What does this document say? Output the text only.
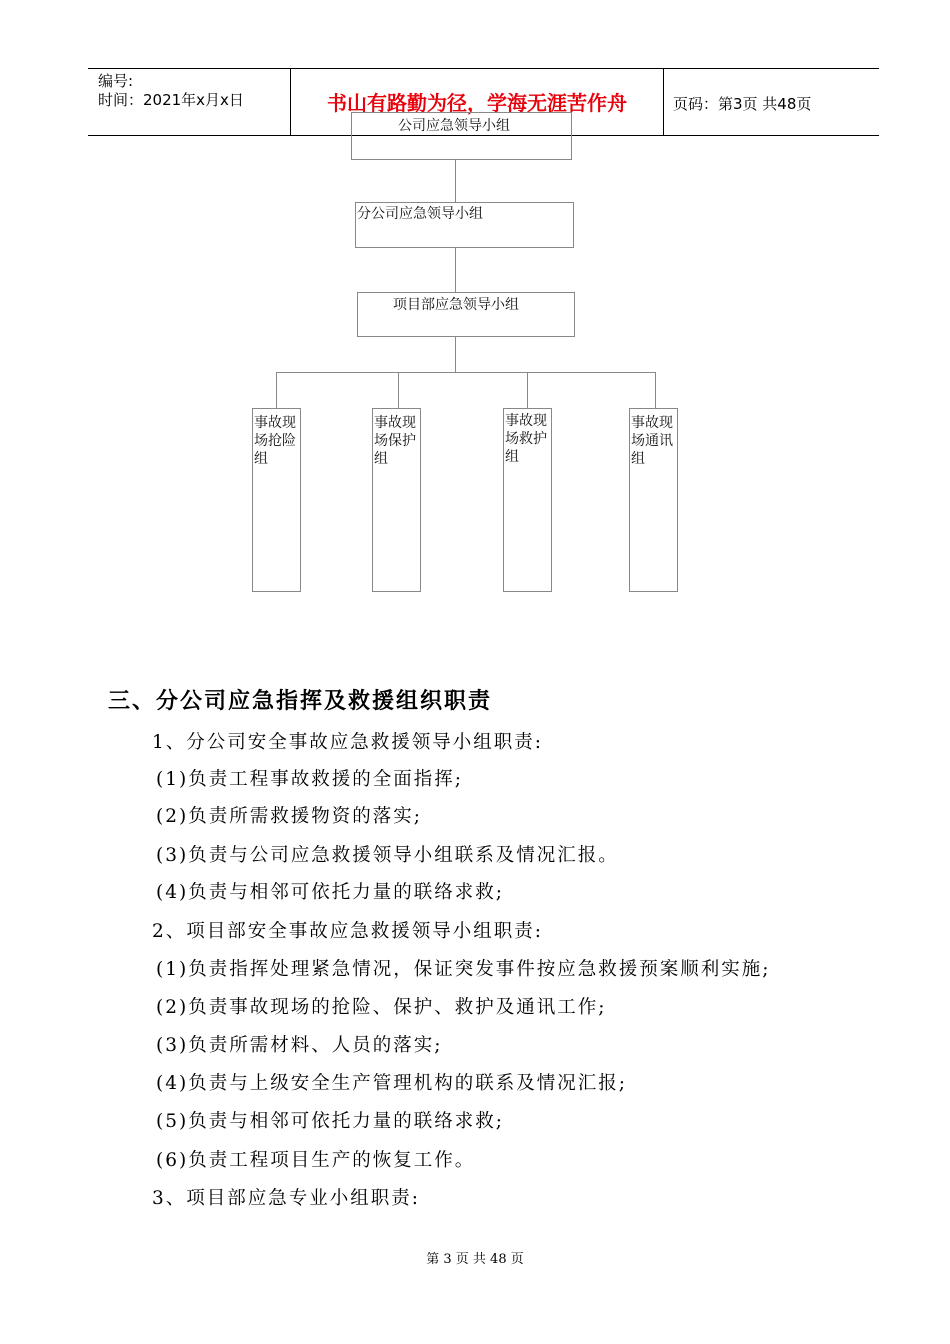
编号:
时间：2021年x月x日	书山有路勤为径，学海无涯苦作舟	页码：第3页 共48页
公司应急领导小组
分公司应急领导小组
项目部应急领导小组
事故现场抢险组
事故现场保护组
事故现场救护组
事故现场通讯组
三、分公司应急指挥及救援组织职责
1、分公司安全事故应急救援领导小组职责:
(1)负责工程事故救援的全面指挥;
(2)负责所需救援物资的落实;
(3)负责与公司应急救援领导小组联系及情况汇报。
(4)负责与相邻可依托力量的联络求救;
2、项目部安全事故应急救援领导小组职责:
(1)负责指挥处理紧急情况，保证突发事件按应急救援预案顺利实施;
(2)负责事故现场的抢险、保护、救护及通讯工作;
(3)负责所需材料、人员的落实;
(4)负责与上级安全生产管理机构的联系及情况汇报;
(5)负责与相邻可依托力量的联络求救;
(6)负责工程项目生产的恢复工作。
3、项目部应急专业小组职责:
第 3 页 共 48 页
